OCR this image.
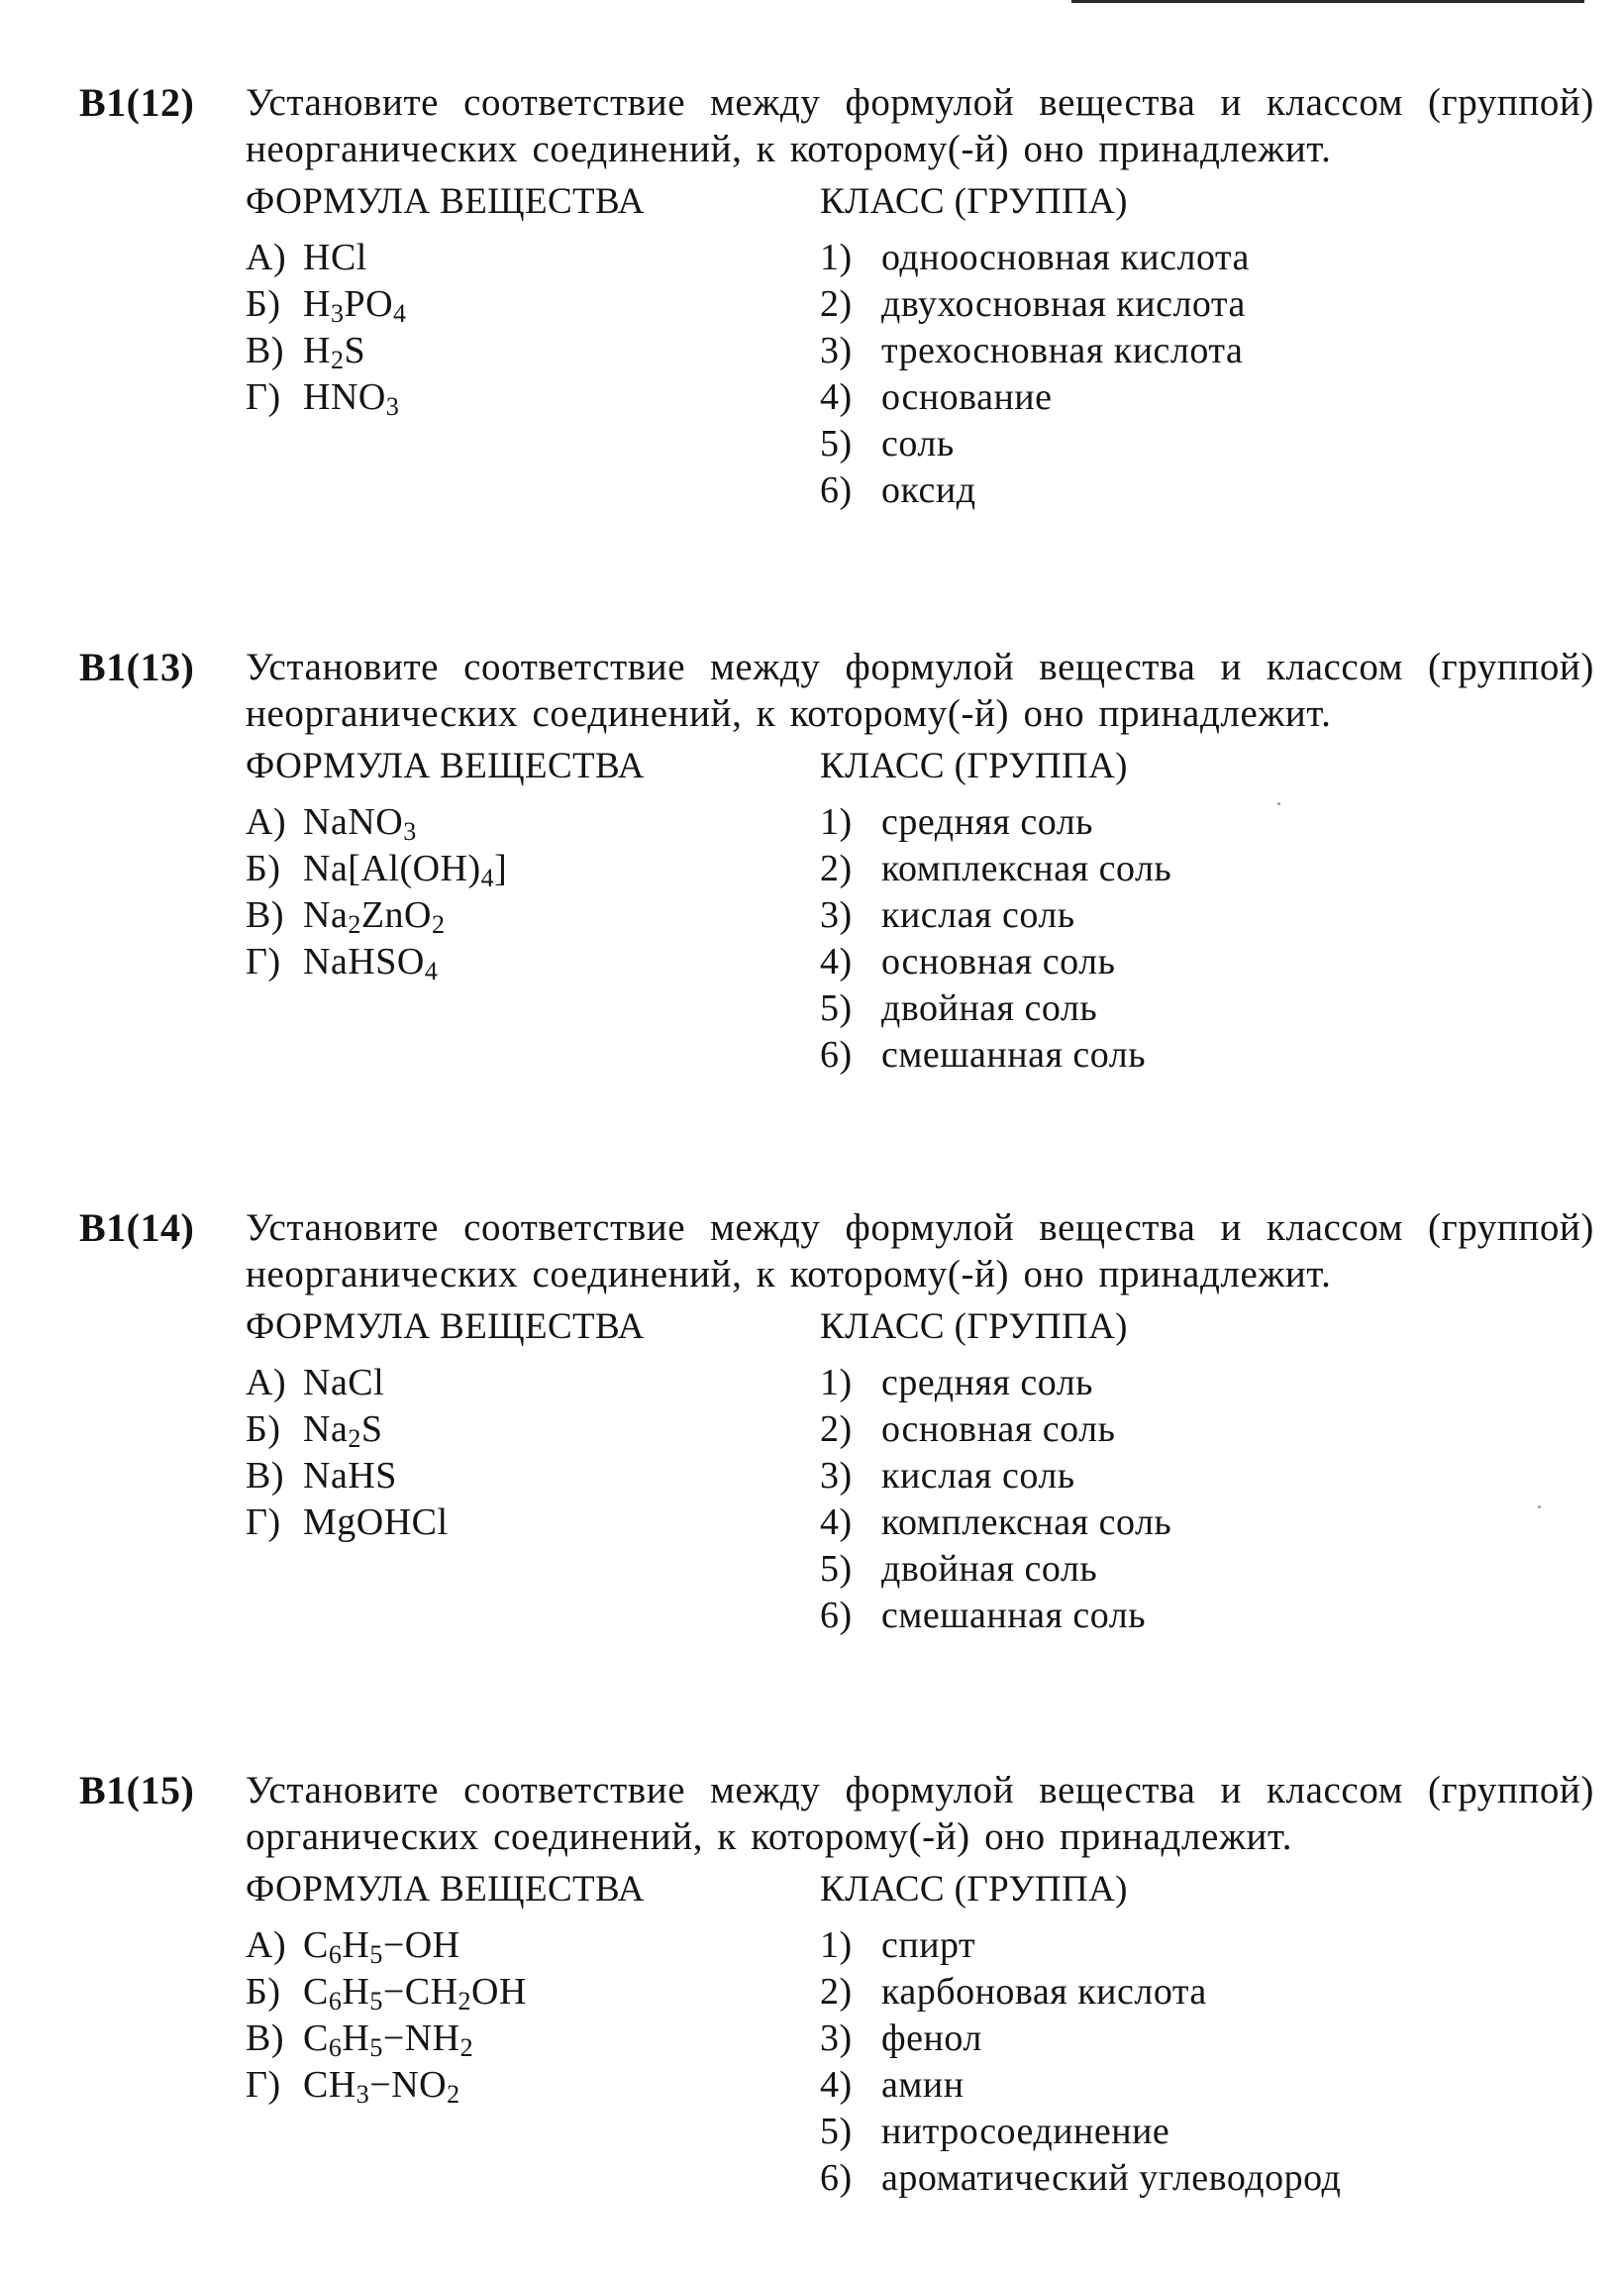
B1(12) Установите соответствие между формулой вещества и классом (группой) неорганических соединений, к которому(-й) оно принадлежит.

ФОРМУЛА ВЕЩЕСТВА
А) HCl
Б) $H_3PO_4$
В) $H_2S$
Г) $HNO_3$
КЛАСС (ГРУППА)
1) одноосновная кислота
2) двухосновная кислота
3) трехосновная кислота
4) основание
5) соль
6) оксид
B1(13) Установите соответствие между формулой вещества и классом (группой) неорганических соединений, к которому(-й) оно принадлежит.

ФОРМУЛА ВЕЩЕСТВА
А) NaNO$_3$
Б) $Na[Al(OH)_4]$
В) $Na_2ZnO_2$
Г) NaHSO$_4$
КЛАСС (ГРУППА)
1) средняя соль
2) комплексная соль
3) кислая соль
4) основная соль
5) двойная соль
6) смешанная соль
B1(14) Установите соответствие между формулой вещества и классом (группой) неорганических соединений, к которому(-й) оно принадлежит.

ФОРМУЛА ВЕЩЕСТВА
А) NaCl
Б) $Na_2S$
В) NaHS
Г) MgOHCl
КЛАСС (ГРУППА)
1) средняя соль
2) основная соль
3) кислая соль
4) комплексная соль
5) двойная соль
6) смешанная соль
B1(15) Установите соответствие между формулой вещества и классом (группой) органических соединений, к которому(-й) оно принадлежит.

ФОРМУЛА ВЕЩЕСТВА
А) $C_6H_5-OH$
Б) $C_6H_5-CH_2OH$
В) $C_6H_5-NH_2$
Г) $CH_3-NO_2$
КЛАСС (ГРУППА)
1) спирт
2) карбоновая кислота
3) фенол
4) амин
5) нитросоединение
6) ароматический углеводород
